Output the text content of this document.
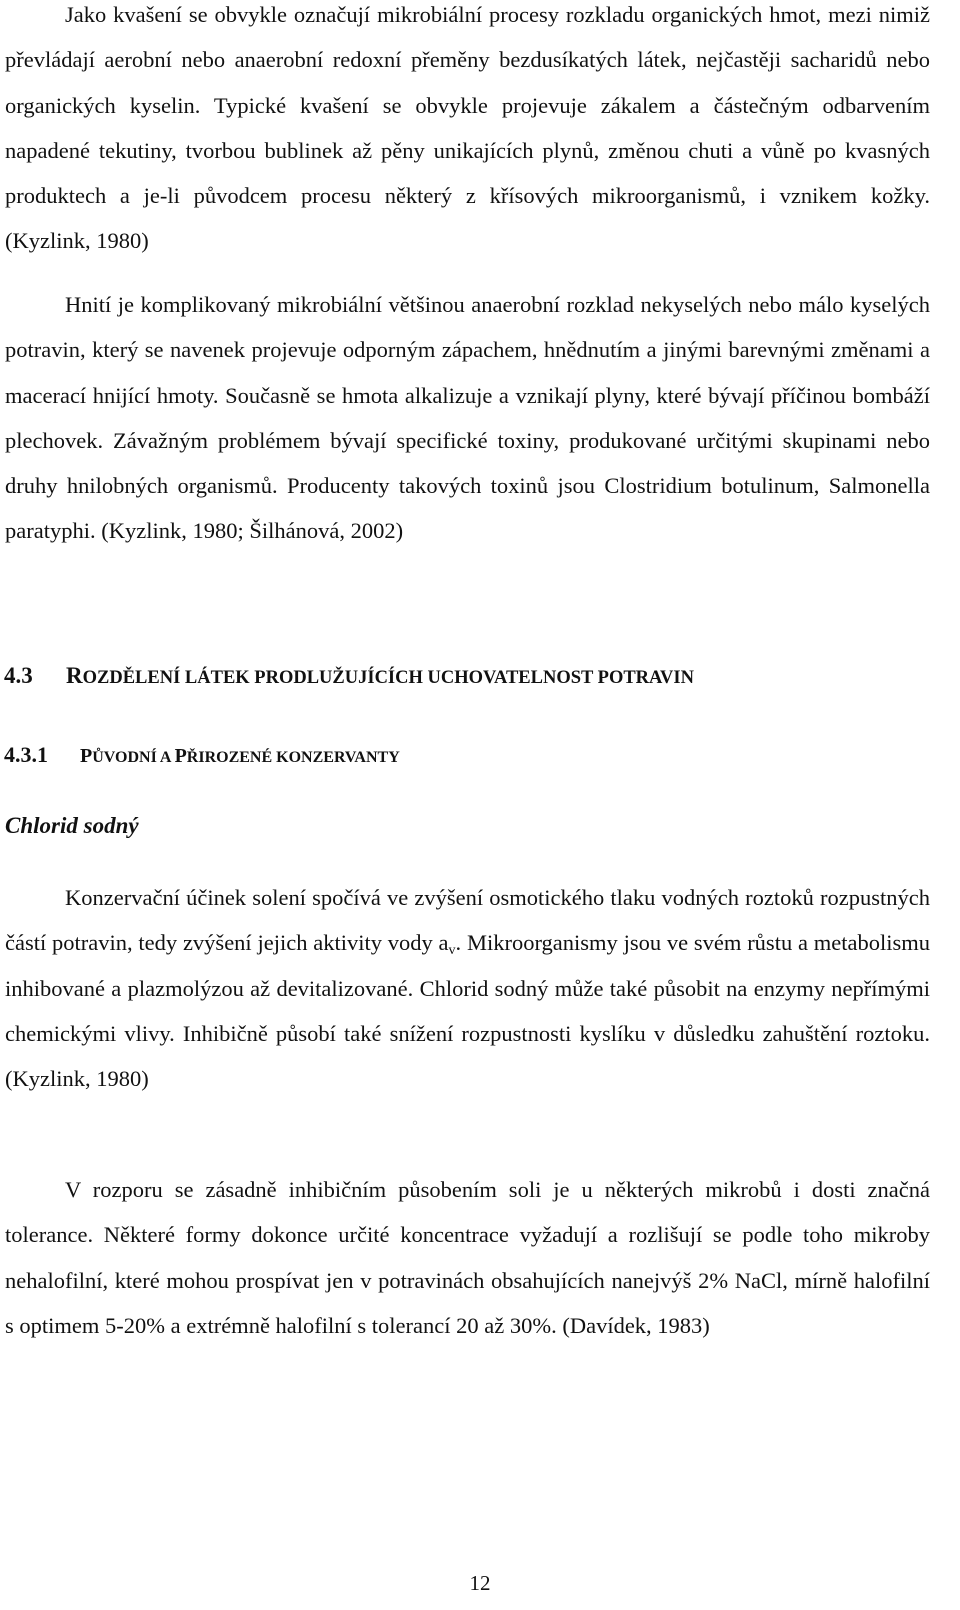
Jako kvašení se obvykle označují mikrobiální procesy rozkladu organických hmot, mezi nimiž převládají aerobní nebo anaerobní redoxní přeměny bezdusíkatých látek, nejčastěji sacharidů nebo organických kyselin. Typické kvašení se obvykle projevuje zákalem a částečným odbarvením napadené tekutiny, tvorbou bublinek až pěny unikajících plynů, změnou chuti a vůně po kvasných produktech a je-li původcem procesu některý z křísových mikroorganismů, i vznikem kožky. (Kyzlink, 1980)

Hnití je komplikovaný mikrobiální většinou anaerobní rozklad nekyselých nebo málo kyselých potravin, který se navenek projevuje odporným zápachem, hnědnutím a jinými barevnými změnami a macerací hnijící hmoty. Současně se hmota alkalizuje a vznikají plyny, které bývají příčinou bombáží plechovek. Závažným problémem bývají specifické toxiny, produkované určitými skupinami nebo druhy hnilobných organismů. Producenty takových toxinů jsou Clostridium botulinum, Salmonella paratyphi. (Kyzlink, 1980; Šilhánová, 2002)

4.3 ROZDĚLENÍ LÁTEK PRODLUŽUJÍCÍCH UCHOVATELNOST POTRAVIN
4.3.1 PŮVODNÍ A PŘIROZENÉ KONZERVANTY
Chlorid sodný

Konzervační účinek solení spočívá ve zvýšení osmotického tlaku vodných roztoků rozpustných částí potravin, tedy zvýšení jejich aktivity vody $a_v$. Mikroorganismy jsou ve svém růstu a metabolismu inhibované a plazmolýzou až devitalizované. Chlorid sodný může také působit na enzymy nepřímými chemickými vlivy. Inhibičně působí také snížení rozpustnosti kyslíku v důsledku zahuštění roztoku. (Kyzlink, 1980)

V rozporu se zásadně inhibičním působením soli je u některých mikrobů i dosti značná tolerance. Některé formy dokonce určité koncentrace vyžadují a rozlišují se podle toho mikroby nehalofilní, které mohou prospívat jen v potravinách obsahujících nanejvýš 2% NaCl, mírně halofilní s optimem 5-20% a extrémně halofilní s tolerancí 20 až 30%. (Davídek, 1983)

12
